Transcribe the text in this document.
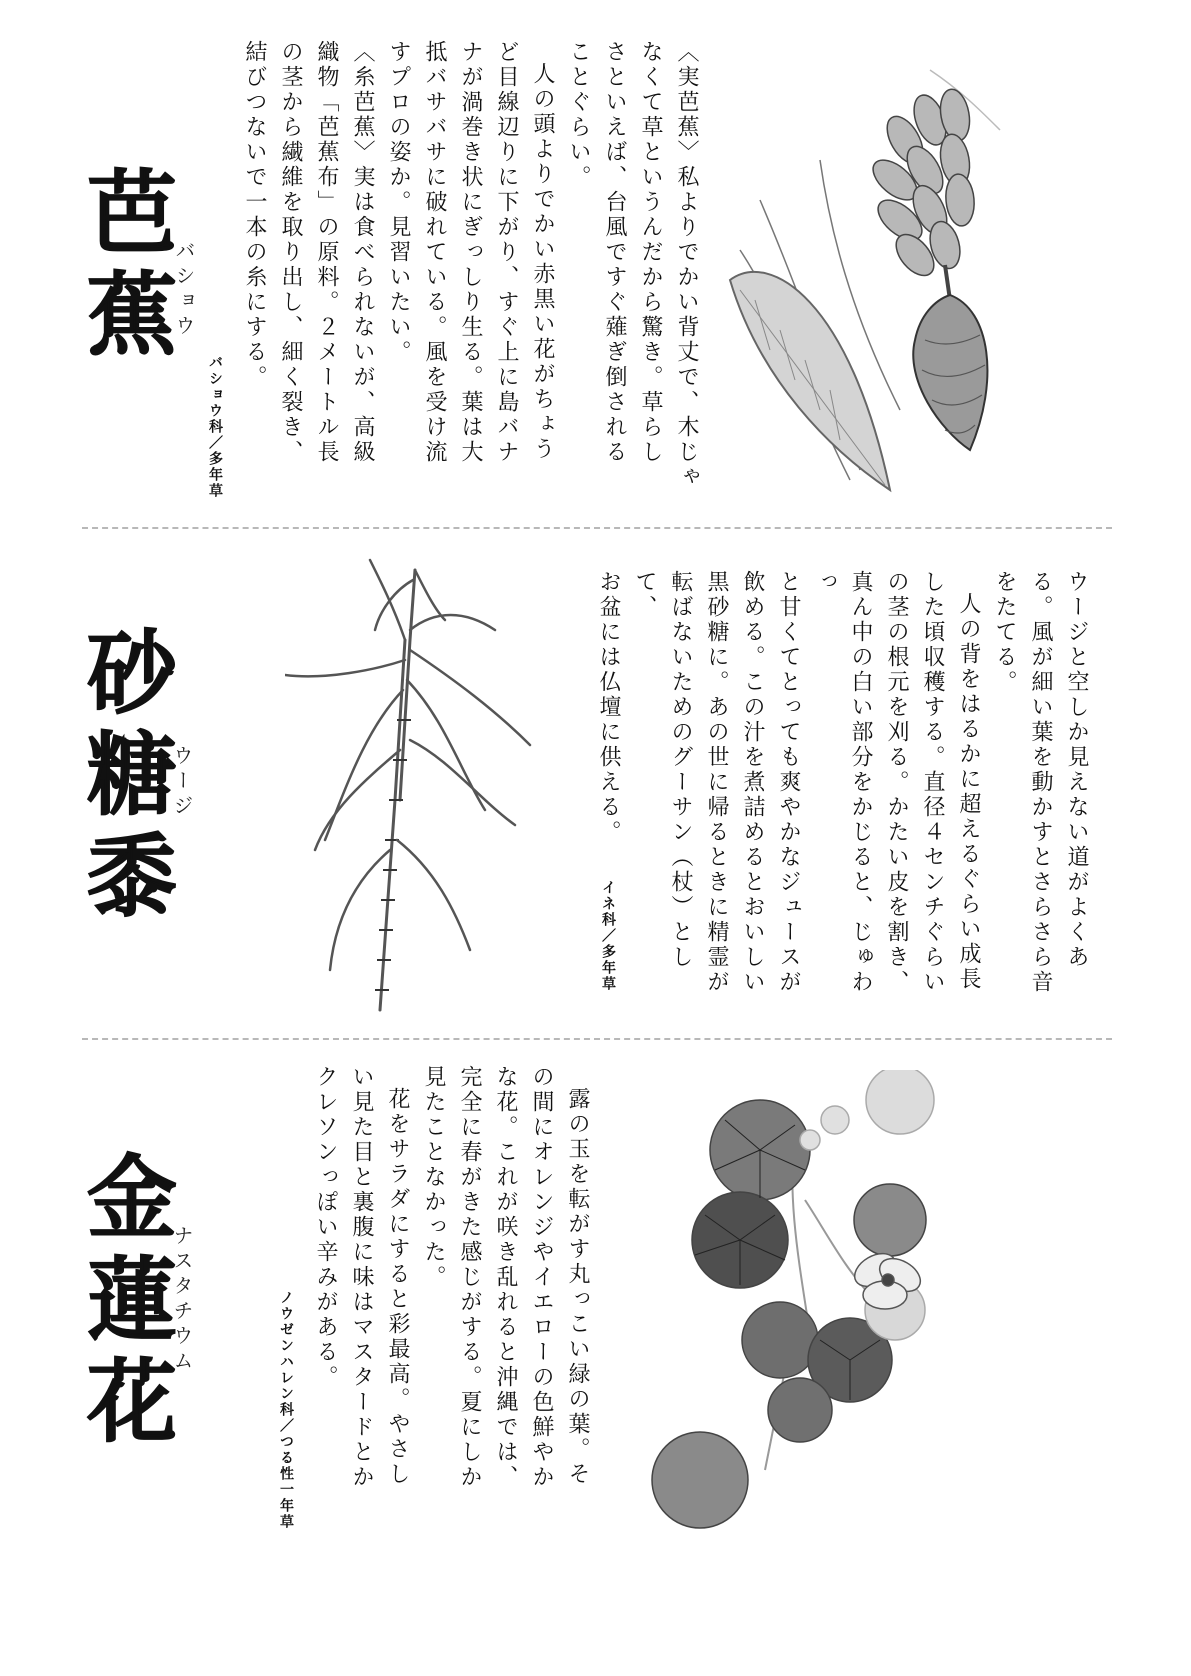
芭蕉
バショウ
バショウ科／多年草	〈実芭蕉〉私よりでかい背丈で、木じゃ
なくて草というんだから驚き。草らし
さといえば、台風ですぐ薙ぎ倒される
ことぐらい。

人の頭よりでかい赤黒い花がちょう
ど目線辺りに下がり、すぐ上に島バナ
ナが渦巻き状にぎっしり生る。葉は大
抵バサバサに破れている。風を受け流
すプロの姿か。見習いたい。

〈糸芭蕉〉実は食べられないが、高級
織物「芭蕉布」の原料。２メートル長
の茎から繊維を取り出し、細く裂き、
結びつないで一本の糸にする。

砂糖黍
ウージ	ウージと空しか見えない道がよくあ
る。風が細い葉を動かすとさらさら音
をたてる。

人の背をはるかに超えるぐらい成長
した頃収穫する。直径４センチぐらい
の茎の根元を刈る。かたい皮を割き、
真ん中の白い部分をかじると、じゅわっ
と甘くてとっても爽やかなジュースが
飲める。この汁を煮詰めるとおいしい
黒砂糖に。あの世に帰るときに精霊が
転ばないためのグーサン（杖）として、
お盆には仏壇に供える。

イネ科／多年草
金蓮花
ナスタチウム	ノウゼンハレン科／つる性一年草	露の玉を転がす丸っこい緑の葉。そ
の間にオレンジやイエローの色鮮やか
な花。これが咲き乱れると沖縄では、
完全に春がきた感じがする。夏にしか
見たことなかった。

花をサラダにすると彩最高。やさし
い見た目と裏腹に味はマスタードとか
クレソンっぽい辛みがある。
